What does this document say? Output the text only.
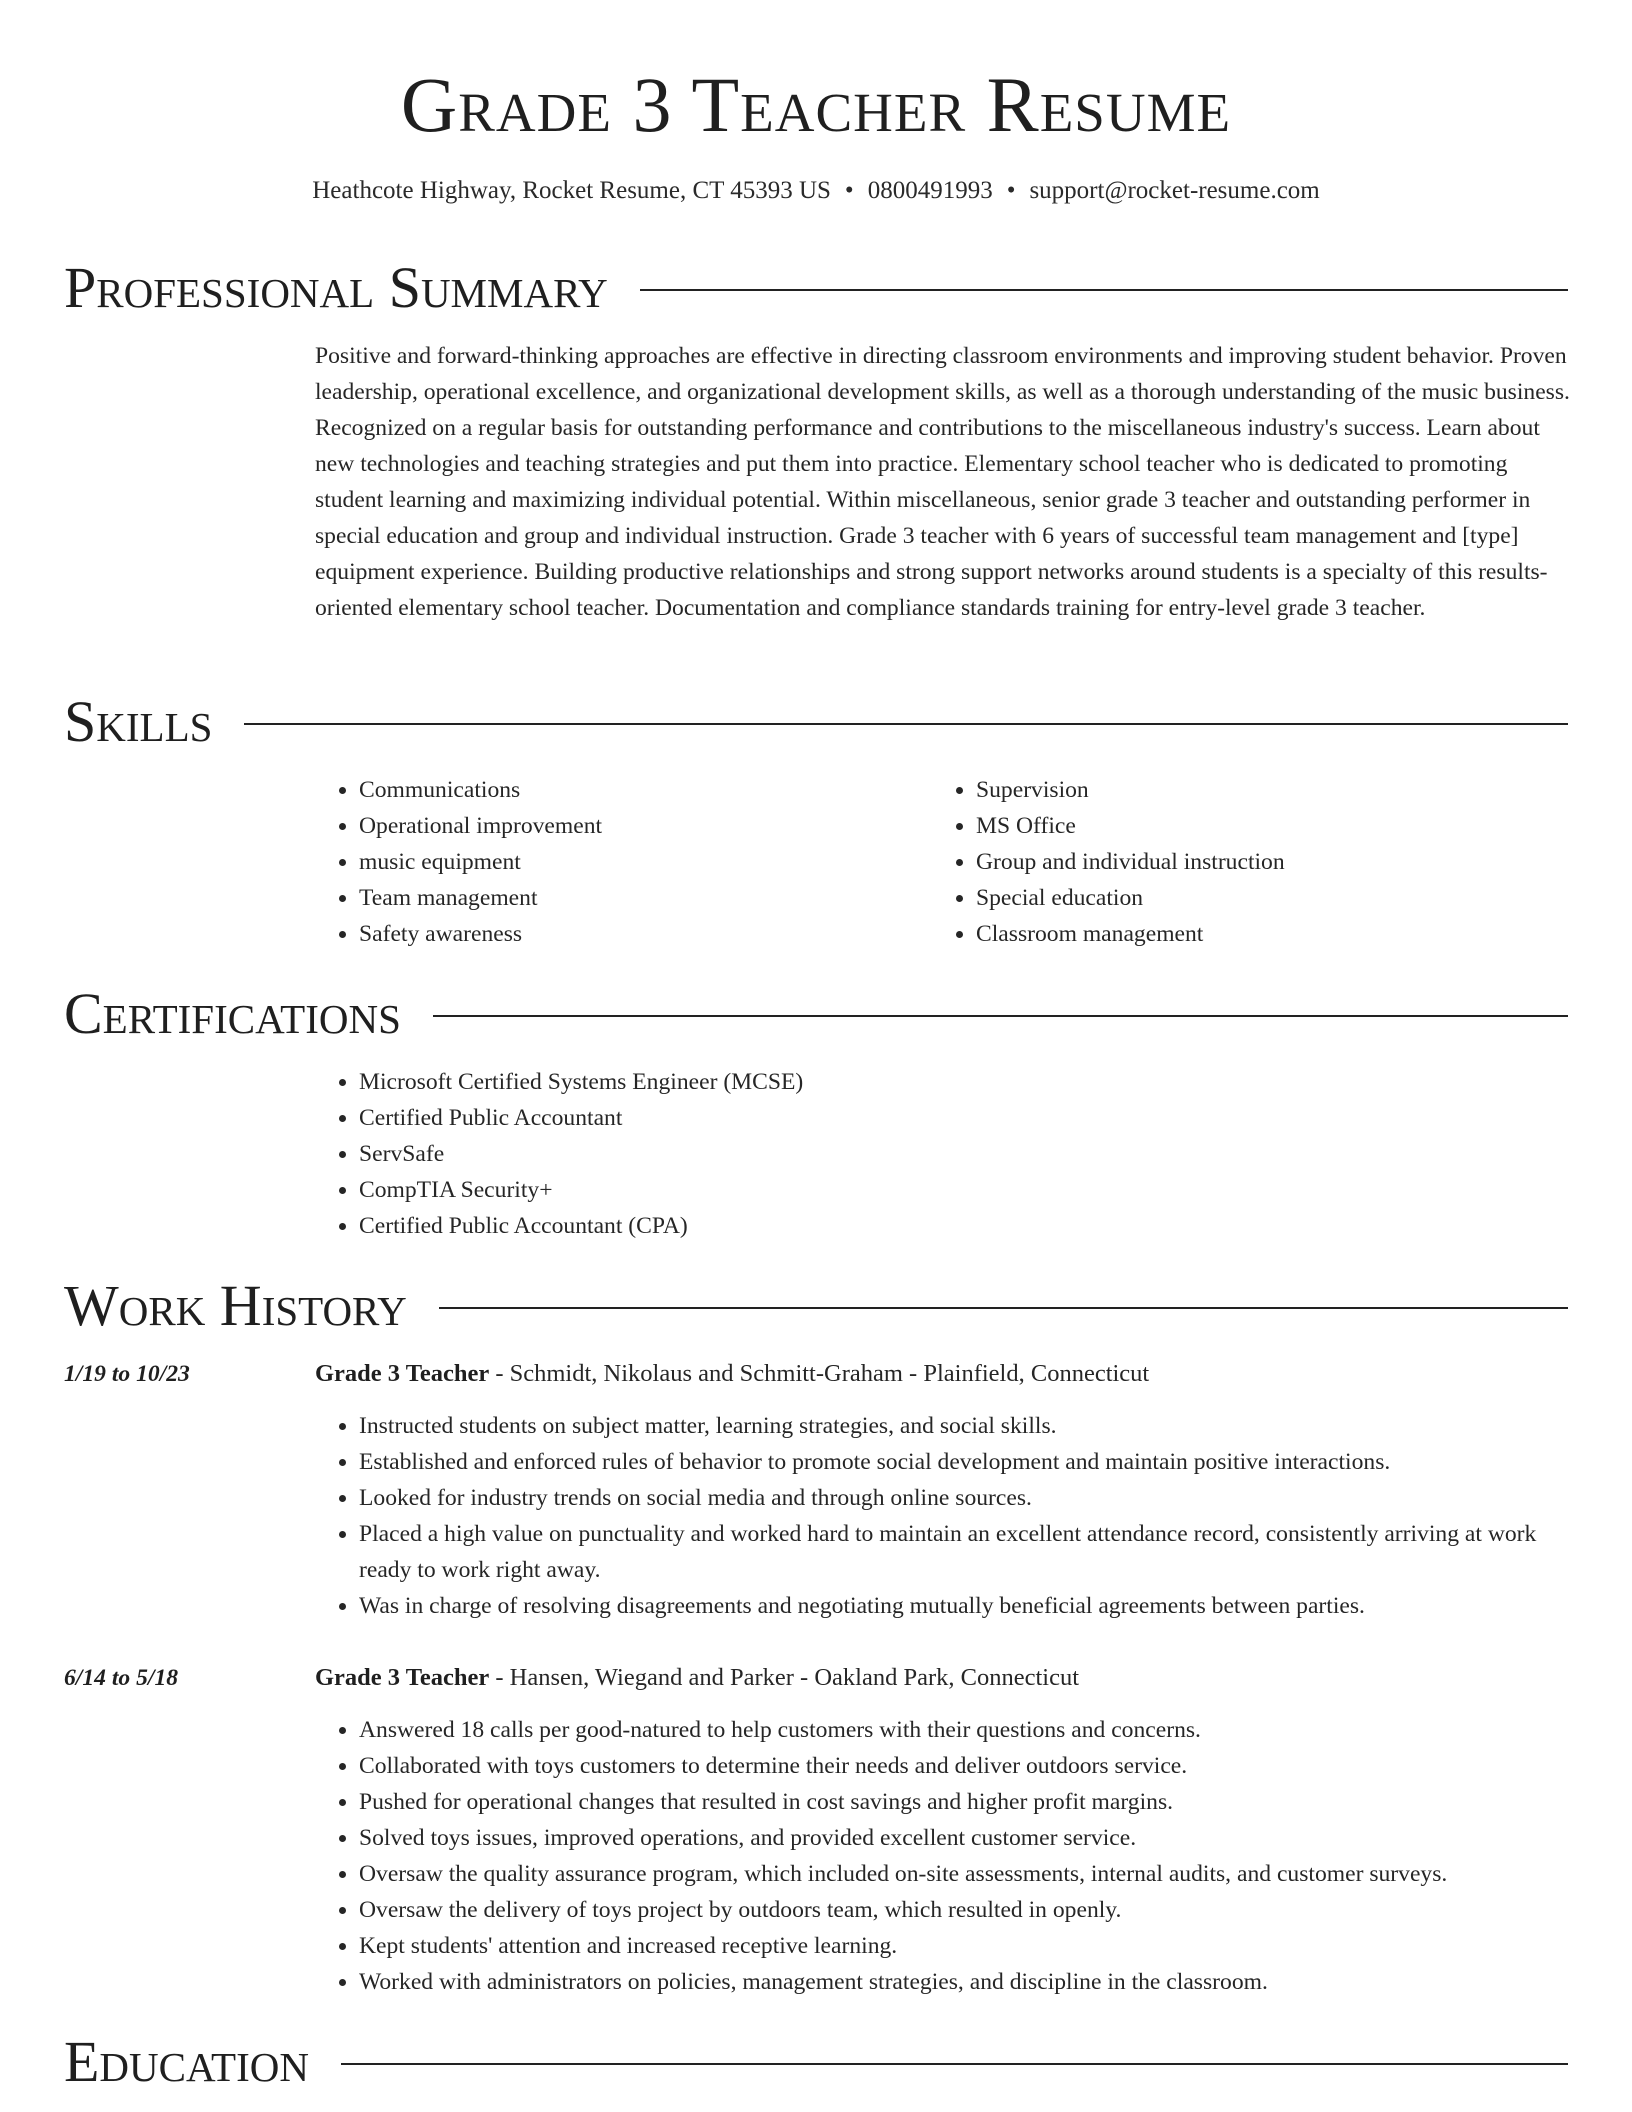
Grade 3 Teacher Resume
Heathcote Highway, Rocket Resume, CT 45393 US • 0800491993 • support@rocket-resume.com
Professional Summary

Positive and forward-thinking approaches are effective in directing classroom environments and improving student behavior. Proven leadership, operational excellence, and organizational development skills, as well as a thorough understanding of the music business. Recognized on a regular basis for outstanding performance and contributions to the miscellaneous industry's success. Learn about new technologies and teaching strategies and put them into practice. Elementary school teacher who is dedicated to promoting student learning and maximizing individual potential. Within miscellaneous, senior grade 3 teacher and outstanding performer in special education and group and individual instruction. Grade 3 teacher with 6 years of successful team management and [type] equipment experience. Building productive relationships and strong support networks around students is a specialty of this results-oriented elementary school teacher. Documentation and compliance standards training for entry-level grade 3 teacher.

Skills
• Communications
• Operational improvement
• music equipment
• Team management
• Safety awareness
• Supervision
• MS Office
• Group and individual instruction
• Special education
• Classroom management
Certifications
• Microsoft Certified Systems Engineer (MCSE)
• Certified Public Accountant
• ServSafe
• CompTIA Security+
• Certified Public Accountant (CPA)
Work History
1/19 to 10/23	Grade 3 Teacher - Schmidt, Nikolaus and Schmitt-Graham - Plainfield, Connecticut
• Instructed students on subject matter, learning strategies, and social skills.
• Established and enforced rules of behavior to promote social development and maintain positive interactions.
• Looked for industry trends on social media and through online sources.
• Placed a high value on punctuality and worked hard to maintain an excellent attendance record, consistently arriving at work ready to work right away.
• Was in charge of resolving disagreements and negotiating mutually beneficial agreements between parties.
6/14 to 5/18	Grade 3 Teacher - Hansen, Wiegand and Parker - Oakland Park, Connecticut
• Answered 18 calls per good-natured to help customers with their questions and concerns.
• Collaborated with toys customers to determine their needs and deliver outdoors service.
• Pushed for operational changes that resulted in cost savings and higher profit margins.
• Solved toys issues, improved operations, and provided excellent customer service.
• Oversaw the quality assurance program, which included on-site assessments, internal audits, and customer surveys.
• Oversaw the delivery of toys project by outdoors team, which resulted in openly.
• Kept students' attention and increased receptive learning.
• Worked with administrators on policies, management strategies, and discipline in the classroom.
Education
